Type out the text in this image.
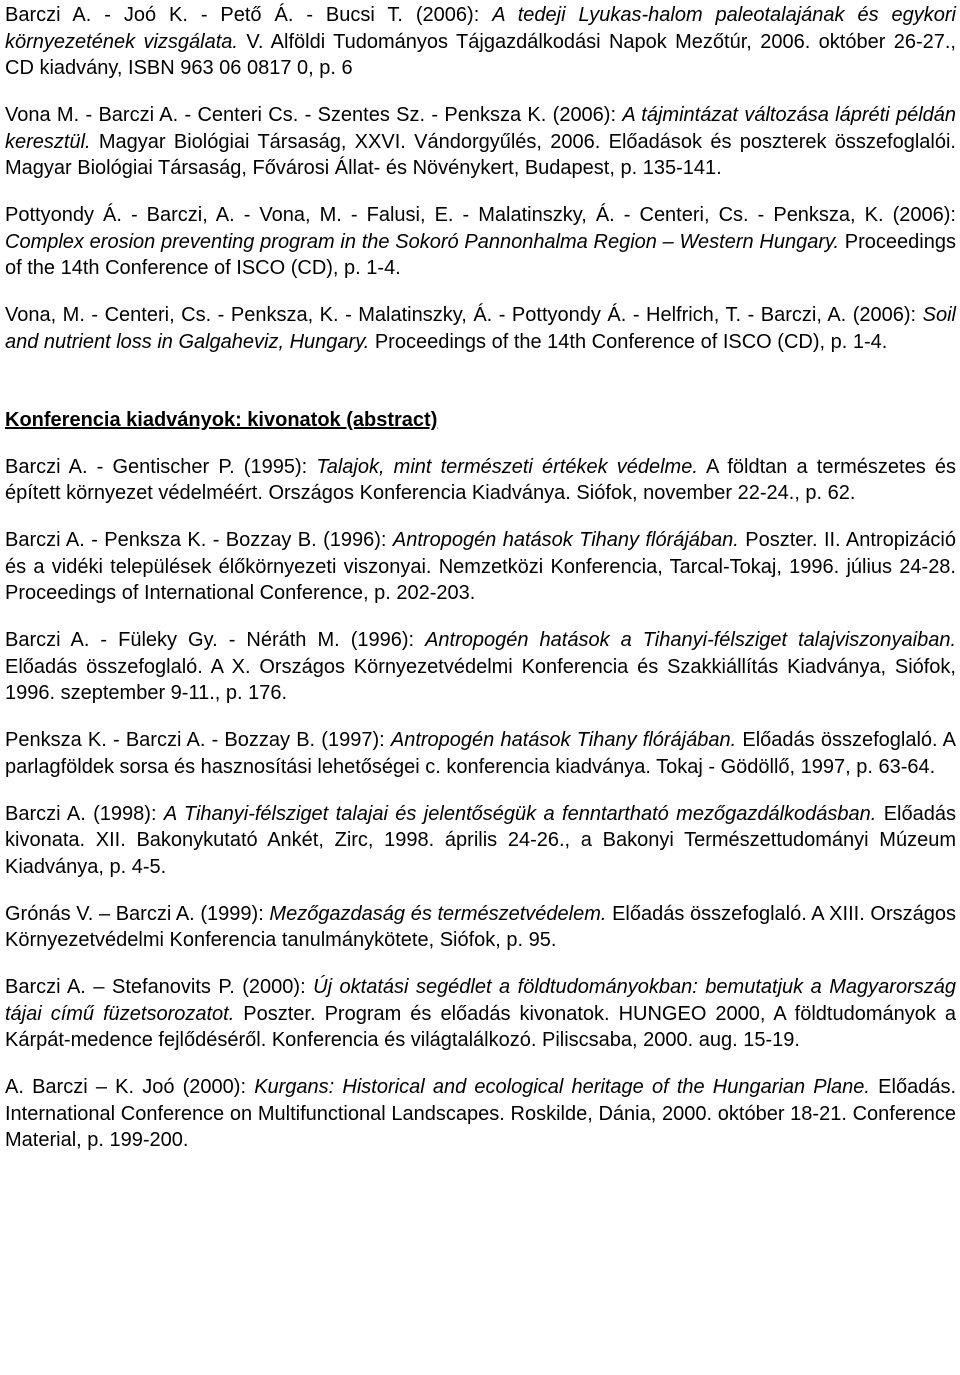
Barczi A. - Joó K. - Pető Á. - Bucsi T. (2006): A tedeji Lyukas-halom paleotalajának és egykori környezetének vizsgálata. V. Alföldi Tudományos Tájgazdálkodási Napok Mezőtúr, 2006. október 26-27., CD kiadvány, ISBN 963 06 0817 0, p. 6

Vona M. - Barczi A. - Centeri Cs. - Szentes Sz. - Penksza K. (2006): A tájmintázat változása lápréti példán keresztül. Magyar Biológiai Társaság, XXVI. Vándorgyűlés, 2006. Előadások és poszterek összefoglalói. Magyar Biológiai Társaság, Fővárosi Állat- és Növénykert, Budapest, p. 135-141.

Pottyondy Á. - Barczi, A. - Vona, M. - Falusi, E. - Malatinszky, Á. - Centeri, Cs. - Penksza, K. (2006): Complex erosion preventing program in the Sokoró Pannonhalma Region – Western Hungary. Proceedings of the 14th Conference of ISCO (CD), p. 1-4.

Vona, M. - Centeri, Cs. - Penksza, K. - Malatinszky, Á. - Pottyondy Á. - Helfrich, T. - Barczi, A. (2006): Soil and nutrient loss in Galgaheviz, Hungary. Proceedings of the 14th Conference of ISCO (CD), p. 1-4.

Konferencia kiadványok: kivonatok (abstract)

Barczi A. - Gentischer P. (1995): Talajok, mint természeti értékek védelme. A földtan a természetes és épített környezet védelméért. Országos Konferencia Kiadványa. Siófok, november 22-24., p. 62.

Barczi A. - Penksza K. - Bozzay B. (1996): Antropogén hatások Tihany flórájában. Poszter. II. Antropizáció és a vidéki települések élőkörnyezeti viszonyai. Nemzetközi Konferencia, Tarcal-Tokaj, 1996. július 24-28. Proceedings of International Conference, p. 202-203.

Barczi A. - Füleky Gy. - Néráth M. (1996): Antropogén hatások a Tihanyi-félsziget talajviszonyaiban. Előadás összefoglaló. A X. Országos Környezetvédelmi Konferencia és Szakkiállítás Kiadványa, Siófok, 1996. szeptember 9-11., p. 176.

Penksza K. - Barczi A. - Bozzay B. (1997): Antropogén hatások Tihany flórájában. Előadás összefoglaló. A parlagföldek sorsa és hasznosítási lehetőségei c. konferencia kiadványa. Tokaj - Gödöllő, 1997, p. 63-64.

Barczi A. (1998): A Tihanyi-félsziget talajai és jelentőségük a fenntartható mezőgazdálkodásban. Előadás kivonata. XII. Bakonykutató Ankét, Zirc, 1998. április 24-26., a Bakonyi Természettudományi Múzeum Kiadványa, p. 4-5.

Grónás V. – Barczi A. (1999): Mezőgazdaság és természetvédelem. Előadás összefoglaló. A XIII. Országos Környezetvédelmi Konferencia tanulmánykötete, Siófok, p. 95.

Barczi A. – Stefanovits P. (2000): Új oktatási segédlet a földtudományokban: bemutatjuk a Magyarország tájai című füzetsorozatot. Poszter. Program és előadás kivonatok. HUNGEO 2000, A földtudományok a Kárpát-medence fejlődéséről. Konferencia és világtalálkozó. Piliscsaba, 2000. aug. 15-19.

A. Barczi – K. Joó (2000): Kurgans: Historical and ecological heritage of the Hungarian Plane. Előadás. International Conference on Multifunctional Landscapes. Roskilde, Dánia, 2000. október 18-21. Conference Material, p. 199-200.
